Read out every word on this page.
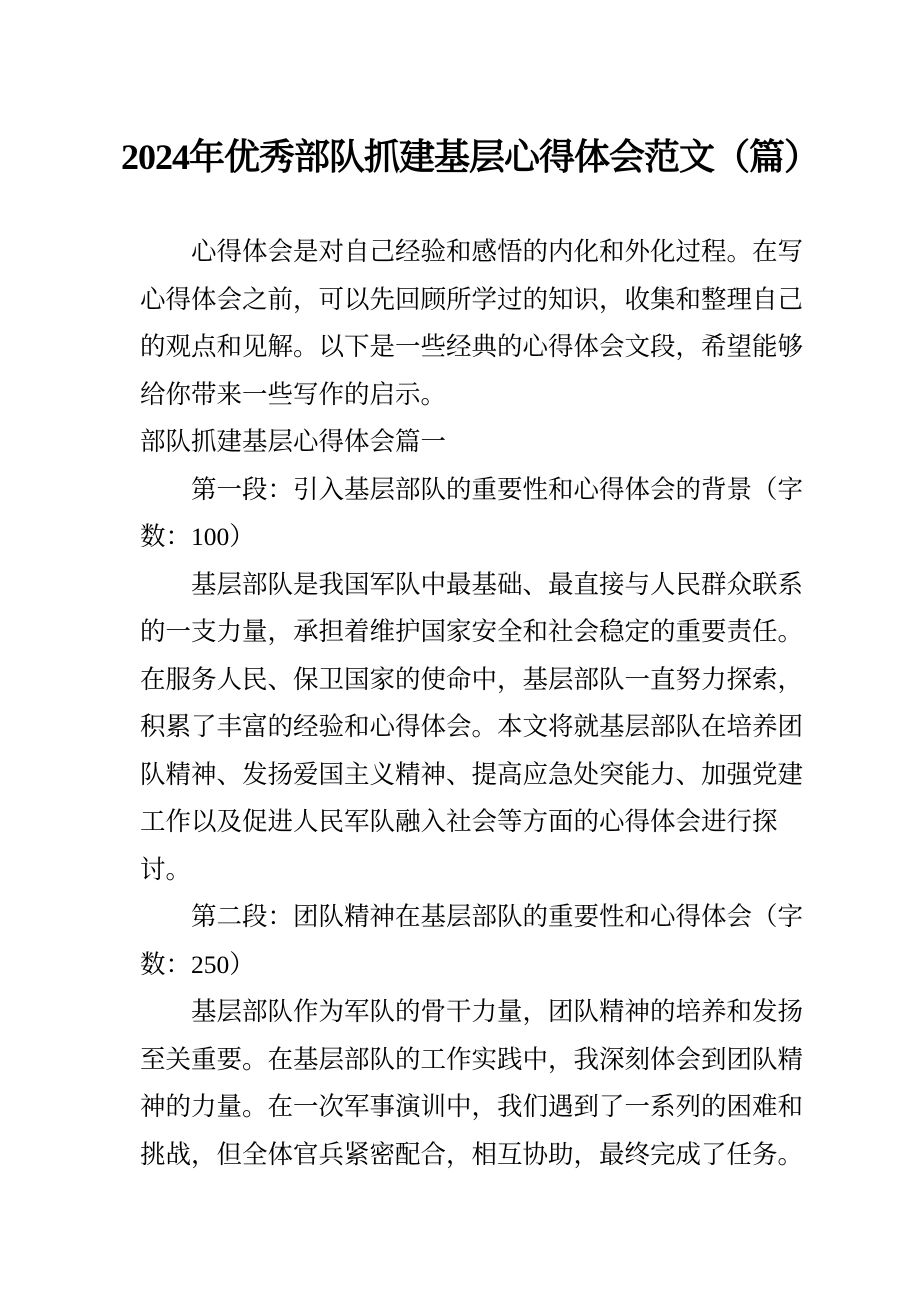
2024年优秀部队抓建基层心得体会范文（篇）
心得体会是对自己经验和感悟的内化和外化过程。在写
心得体会之前，可以先回顾所学过的知识，收集和整理自己
的观点和见解。以下是一些经典的心得体会文段，希望能够
给你带来一些写作的启示。
部队抓建基层心得体会篇一
第一段：引入基层部队的重要性和心得体会的背景（字
数：100）
基层部队是我国军队中最基础、最直接与人民群众联系
的一支力量，承担着维护国家安全和社会稳定的重要责任。
在服务人民、保卫国家的使命中，基层部队一直努力探索，
积累了丰富的经验和心得体会。本文将就基层部队在培养团
队精神、发扬爱国主义精神、提高应急处突能力、加强党建
工作以及促进人民军队融入社会等方面的心得体会进行探
讨。
第二段：团队精神在基层部队的重要性和心得体会（字
数：250）
基层部队作为军队的骨干力量，团队精神的培养和发扬
至关重要。在基层部队的工作实践中，我深刻体会到团队精
神的力量。在一次军事演训中，我们遇到了一系列的困难和
挑战，但全体官兵紧密配合，相互协助，最终完成了任务。
